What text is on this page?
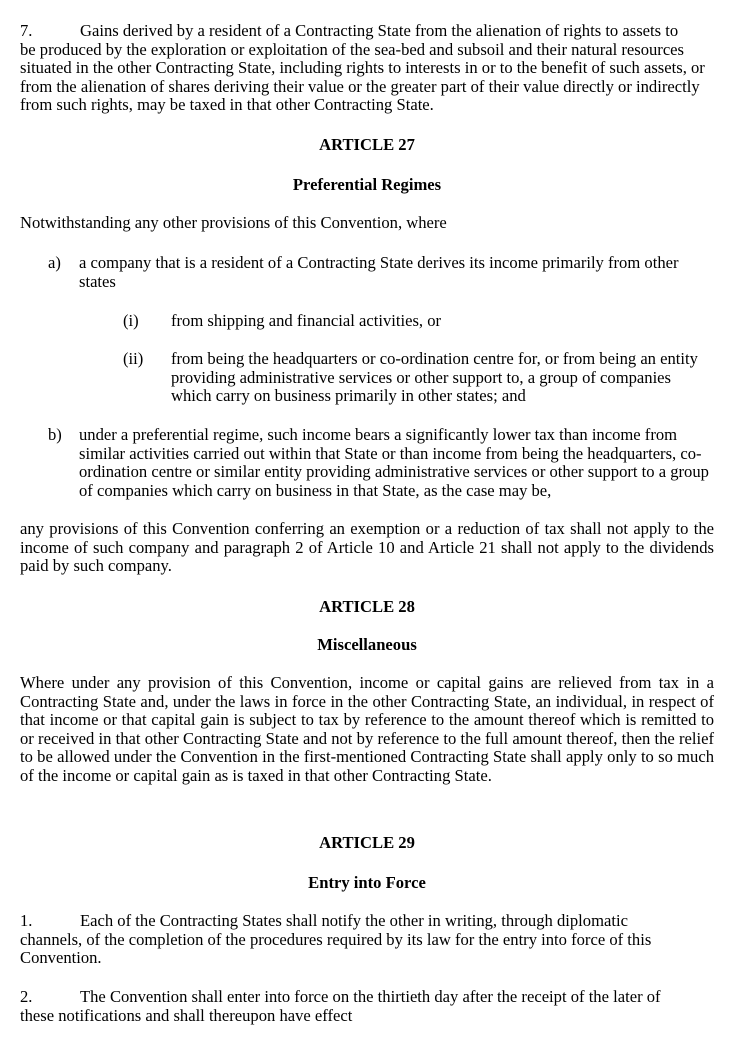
7.	Gains derived by a resident of a Contracting State from the alienation of rights to assets to

be produced by the exploration or exploitation of the sea-bed and subsoil and their natural resources situated in the other Contracting State, including rights to interests in or to the benefit of such assets, or from the alienation of shares deriving their value or the greater part of their value directly or indirectly from such rights, may be taxed in that other Contracting State.

ARTICLE 27

Preferential Regimes

Notwithstanding any other provisions of this Convention, where

a)	a company that is a resident of a Contracting State derives its income primarily from other states
(i)	from shipping and financial activities, or
(ii)	from being the headquarters or co-ordination centre for, or from being an entity providing administrative services or other support to, a group of companies which carry on business primarily in other states; and
b)	under a preferential regime, such income bears a significantly lower tax than income from similar activities carried out within that State or than income from being the headquarters, co-ordination centre or similar entity providing administrative services or other support to a group of companies which carry on business in that State, as the case may be,

any provisions of this Convention conferring an exemption or a reduction of tax shall not apply to the income of such company and paragraph 2 of Article 10 and Article 21 shall not apply to the dividends paid by such company.

ARTICLE 28

Miscellaneous

Where under any provision of this Convention, income or capital gains are relieved from tax in a Contracting State and, under the laws in force in the other Contracting State, an individual, in respect of that income or that capital gain is subject to tax by reference to the amount thereof which is remitted to or received in that other Contracting State and not by reference to the full amount thereof, then the relief to be allowed under the Convention in the first-mentioned Contracting State shall apply only to so much of the income or capital gain as is taxed in that other Contracting State.

ARTICLE 29

Entry into Force

1.	Each of the Contracting States shall notify the other in writing, through diplomatic

channels, of the completion of the procedures required by its law for the entry into force of this Convention.

2.	The Convention shall enter into force on the thirtieth day after the receipt of the later of

these notifications and shall thereupon have effect
